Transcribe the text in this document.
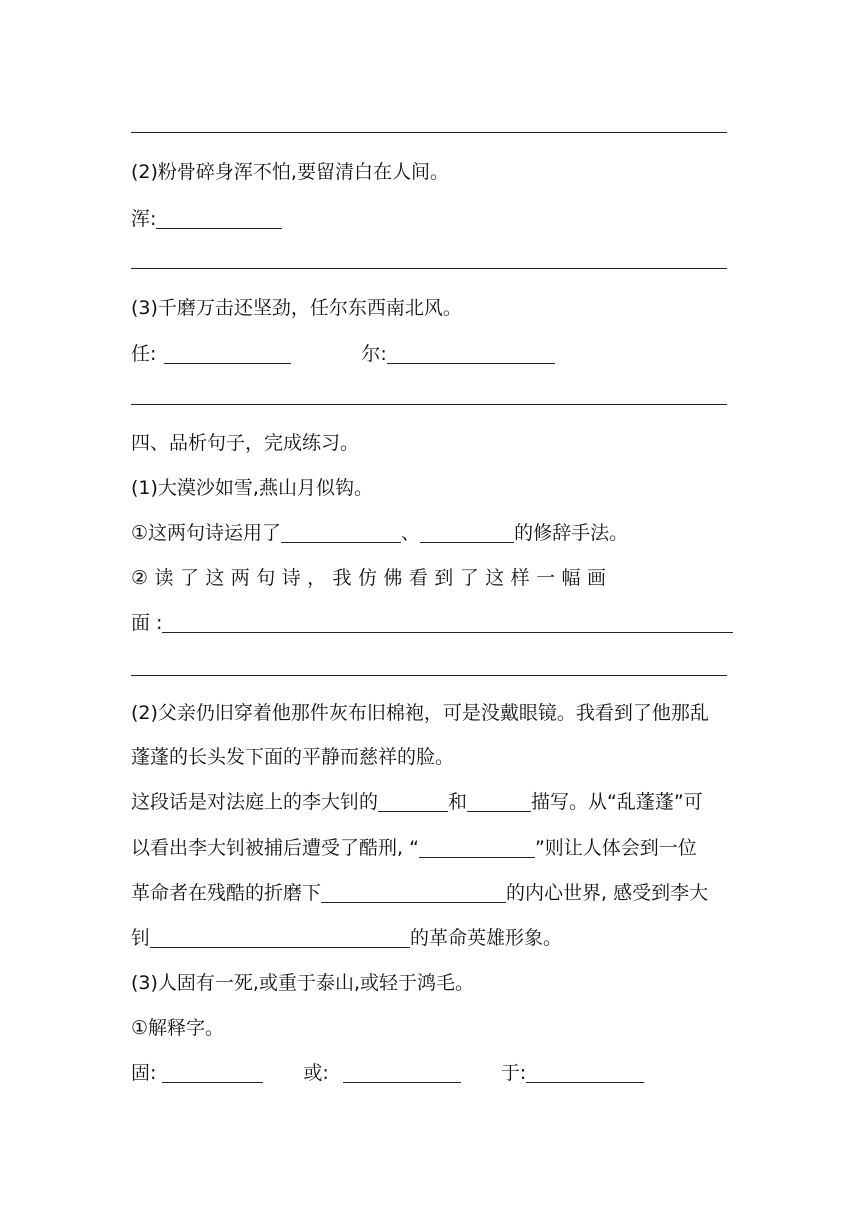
(2)粉骨碎身浑不怕,要留清白在人间。
浑:
(3)千磨万击还坚劲，任尔东西南北风。
任:	尔:
四、品析句子，完成练习。
(1)大漠沙如雪,燕山月似钩。
①这两句诗运用了	、	的修辞手法。
② 读 了 这 两 句 诗 ， 我 仿 佛 看 到 了 这 样 一 幅 画
面 :
(2)父亲仍旧穿着他那件灰布旧棉袍，可是没戴眼镜。我看到了他那乱
蓬蓬的长头发下面的平静而慈祥的脸。
这段话是对法庭上的李大钊的	和	描写。从“乱蓬蓬”可
以看出李大钊被捕后遭受了酷刑, “	”则让人体会到一位
革命者在残酷的折磨下	的内心世界, 感受到李大
钊	的革命英雄形象。
(3)人固有一死,或重于泰山,或轻于鸿毛。
①解释字。
固:	或:	于:
